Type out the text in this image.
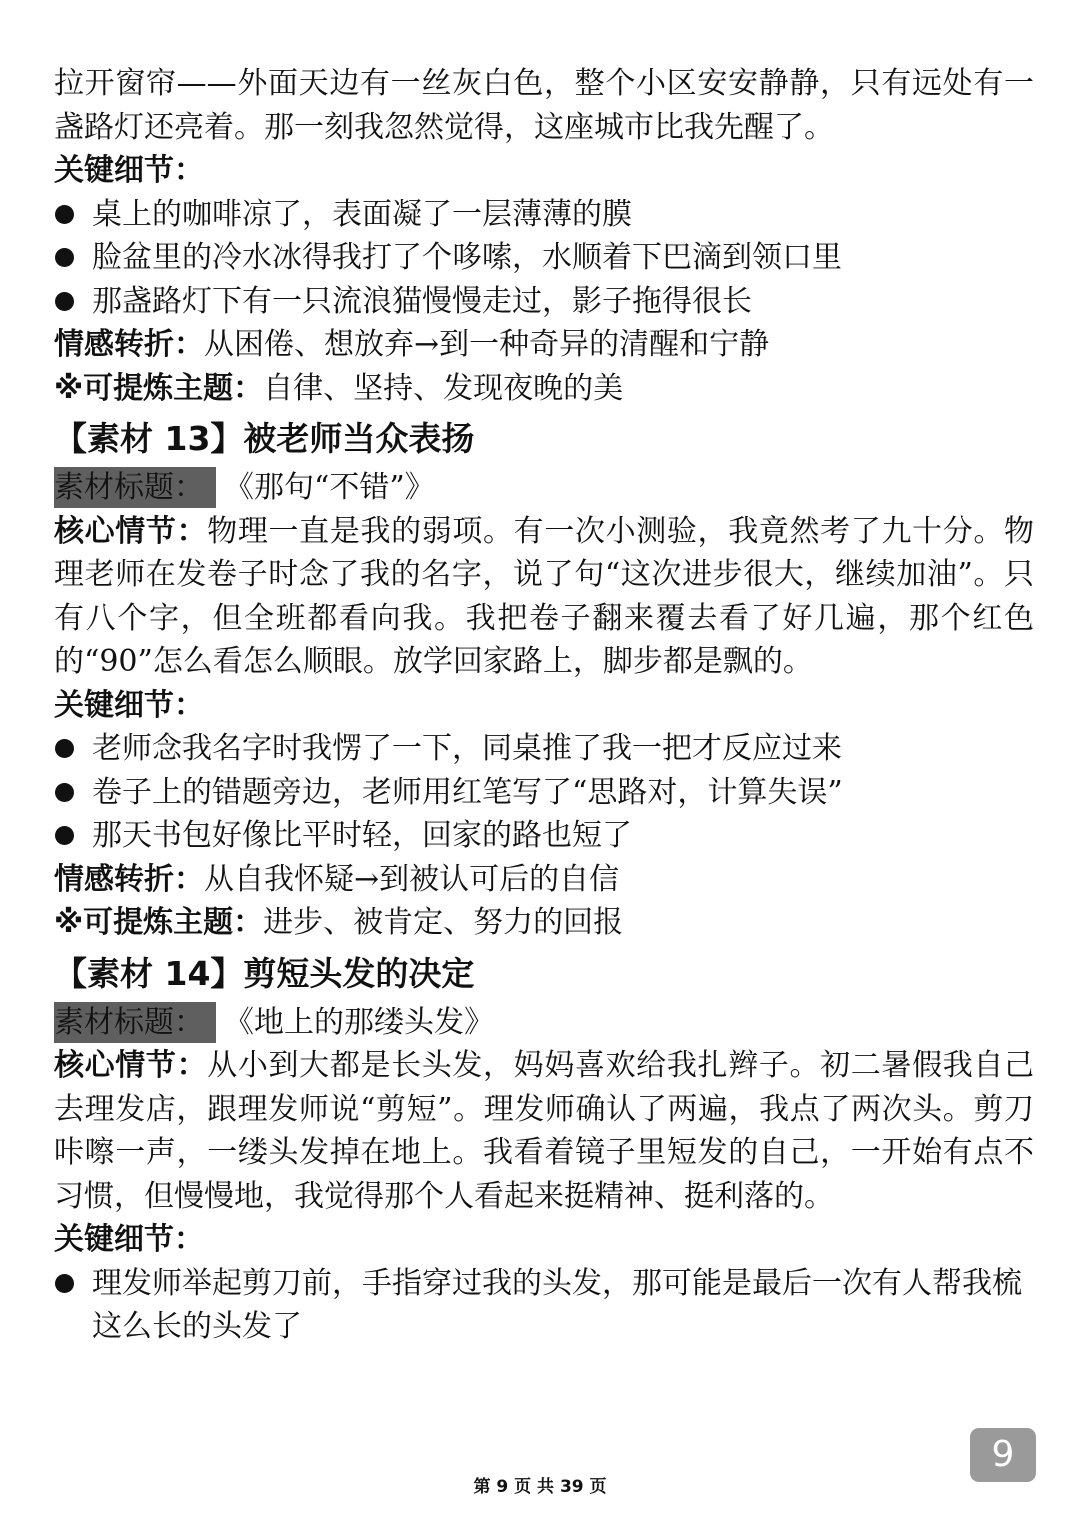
拉开窗帘——外面天边有一丝灰白色，整个小区安安静静，只有远处有一盏路灯还亮着。那一刻我忽然觉得，这座城市比我先醒了。

关键细节：

桌上的咖啡凉了，表面凝了一层薄薄的膜

脸盆里的冷水冰得我打了个哆嗦，水顺着下巴滴到领口里

那盏路灯下有一只流浪猫慢慢走过，影子拖得很长

情感转折：从困倦、想放弃→到一种奇异的清醒和宁静

※可提炼主题：自律、坚持、发现夜晚的美

【素材 13】被老师当众表扬

素材标题： 《那句“不错”》

核心情节：物理一直是我的弱项。有一次小测验，我竟然考了九十分。物理老师在发卷子时念了我的名字，说了句“这次进步很大，继续加油”。只有八个字，但全班都看向我。我把卷子翻来覆去看了好几遍，那个红色的“90”怎么看怎么顺眼。放学回家路上，脚步都是飘的。

关键细节：

老师念我名字时我愣了一下，同桌推了我一把才反应过来

卷子上的错题旁边，老师用红笔写了“思路对，计算失误”

那天书包好像比平时轻，回家的路也短了

情感转折：从自我怀疑→到被认可后的自信

※可提炼主题：进步、被肯定、努力的回报

【素材 14】剪短头发的决定

素材标题： 《地上的那缕头发》

核心情节：从小到大都是长头发，妈妈喜欢给我扎辫子。初二暑假我自己去理发店，跟理发师说“剪短”。理发师确认了两遍，我点了两次头。剪刀咔嚓一声，一缕头发掉在地上。我看着镜子里短发的自己，一开始有点不习惯，但慢慢地，我觉得那个人看起来挺精神、挺利落的。

关键细节：

理发师举起剪刀前，手指穿过我的头发，那可能是最后一次有人帮我梳这么长的头发了

9
第 9 页 共 39 页
